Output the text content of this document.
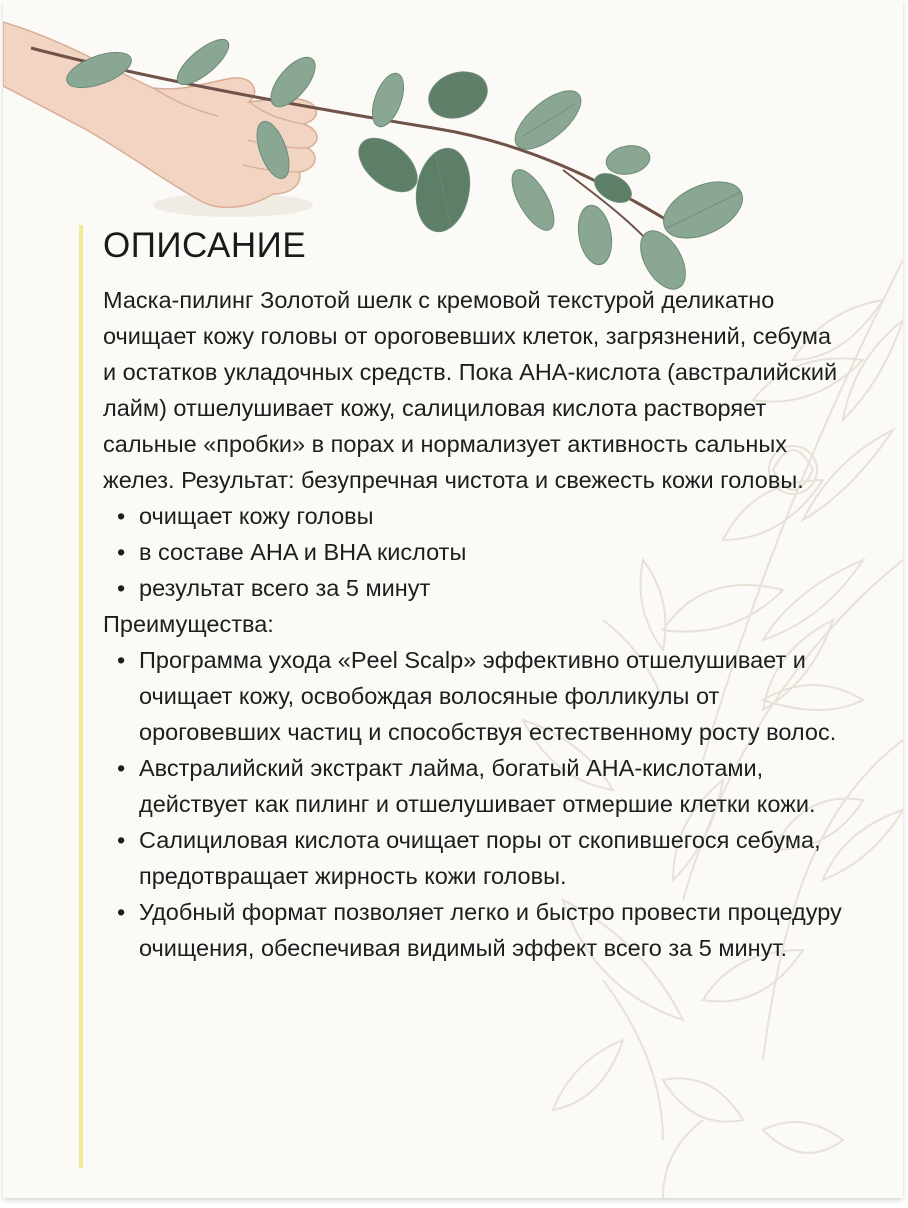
ОПИСАНИЕ

Маска-пилинг Золотой шелк с кремовой текстурой деликатно очищает кожу головы от ороговевших клеток, загрязнений, себума и остатков укладочных средств. Пока AHA-кислота (австралийский лайм) отшелушивает кожу, салициловая кислота растворяет сальные «пробки» в порах и нормализует активность сальных желез. Результат: безупречная чистота и свежесть кожи головы.

• очищает кожу головы
• в составе AHA и BHA кислоты
• результат всего за 5 минут

Преимущества:

• Программа ухода «Peel Scalp» эффективно отшелушивает и очищает кожу, освобождая волосяные фолликулы от ороговевших частиц и способствуя естественному росту волос.
• Австралийский экстракт лайма, богатый AHA-кислотами, действует как пилинг и отшелушивает отмершие клетки кожи.
• Салициловая кислота очищает поры от скопившегося себума, предотвращает жирность кожи головы.
• Удобный формат позволяет легко и быстро провести процедуру очищения, обеспечивая видимый эффект всего за 5 минут.
